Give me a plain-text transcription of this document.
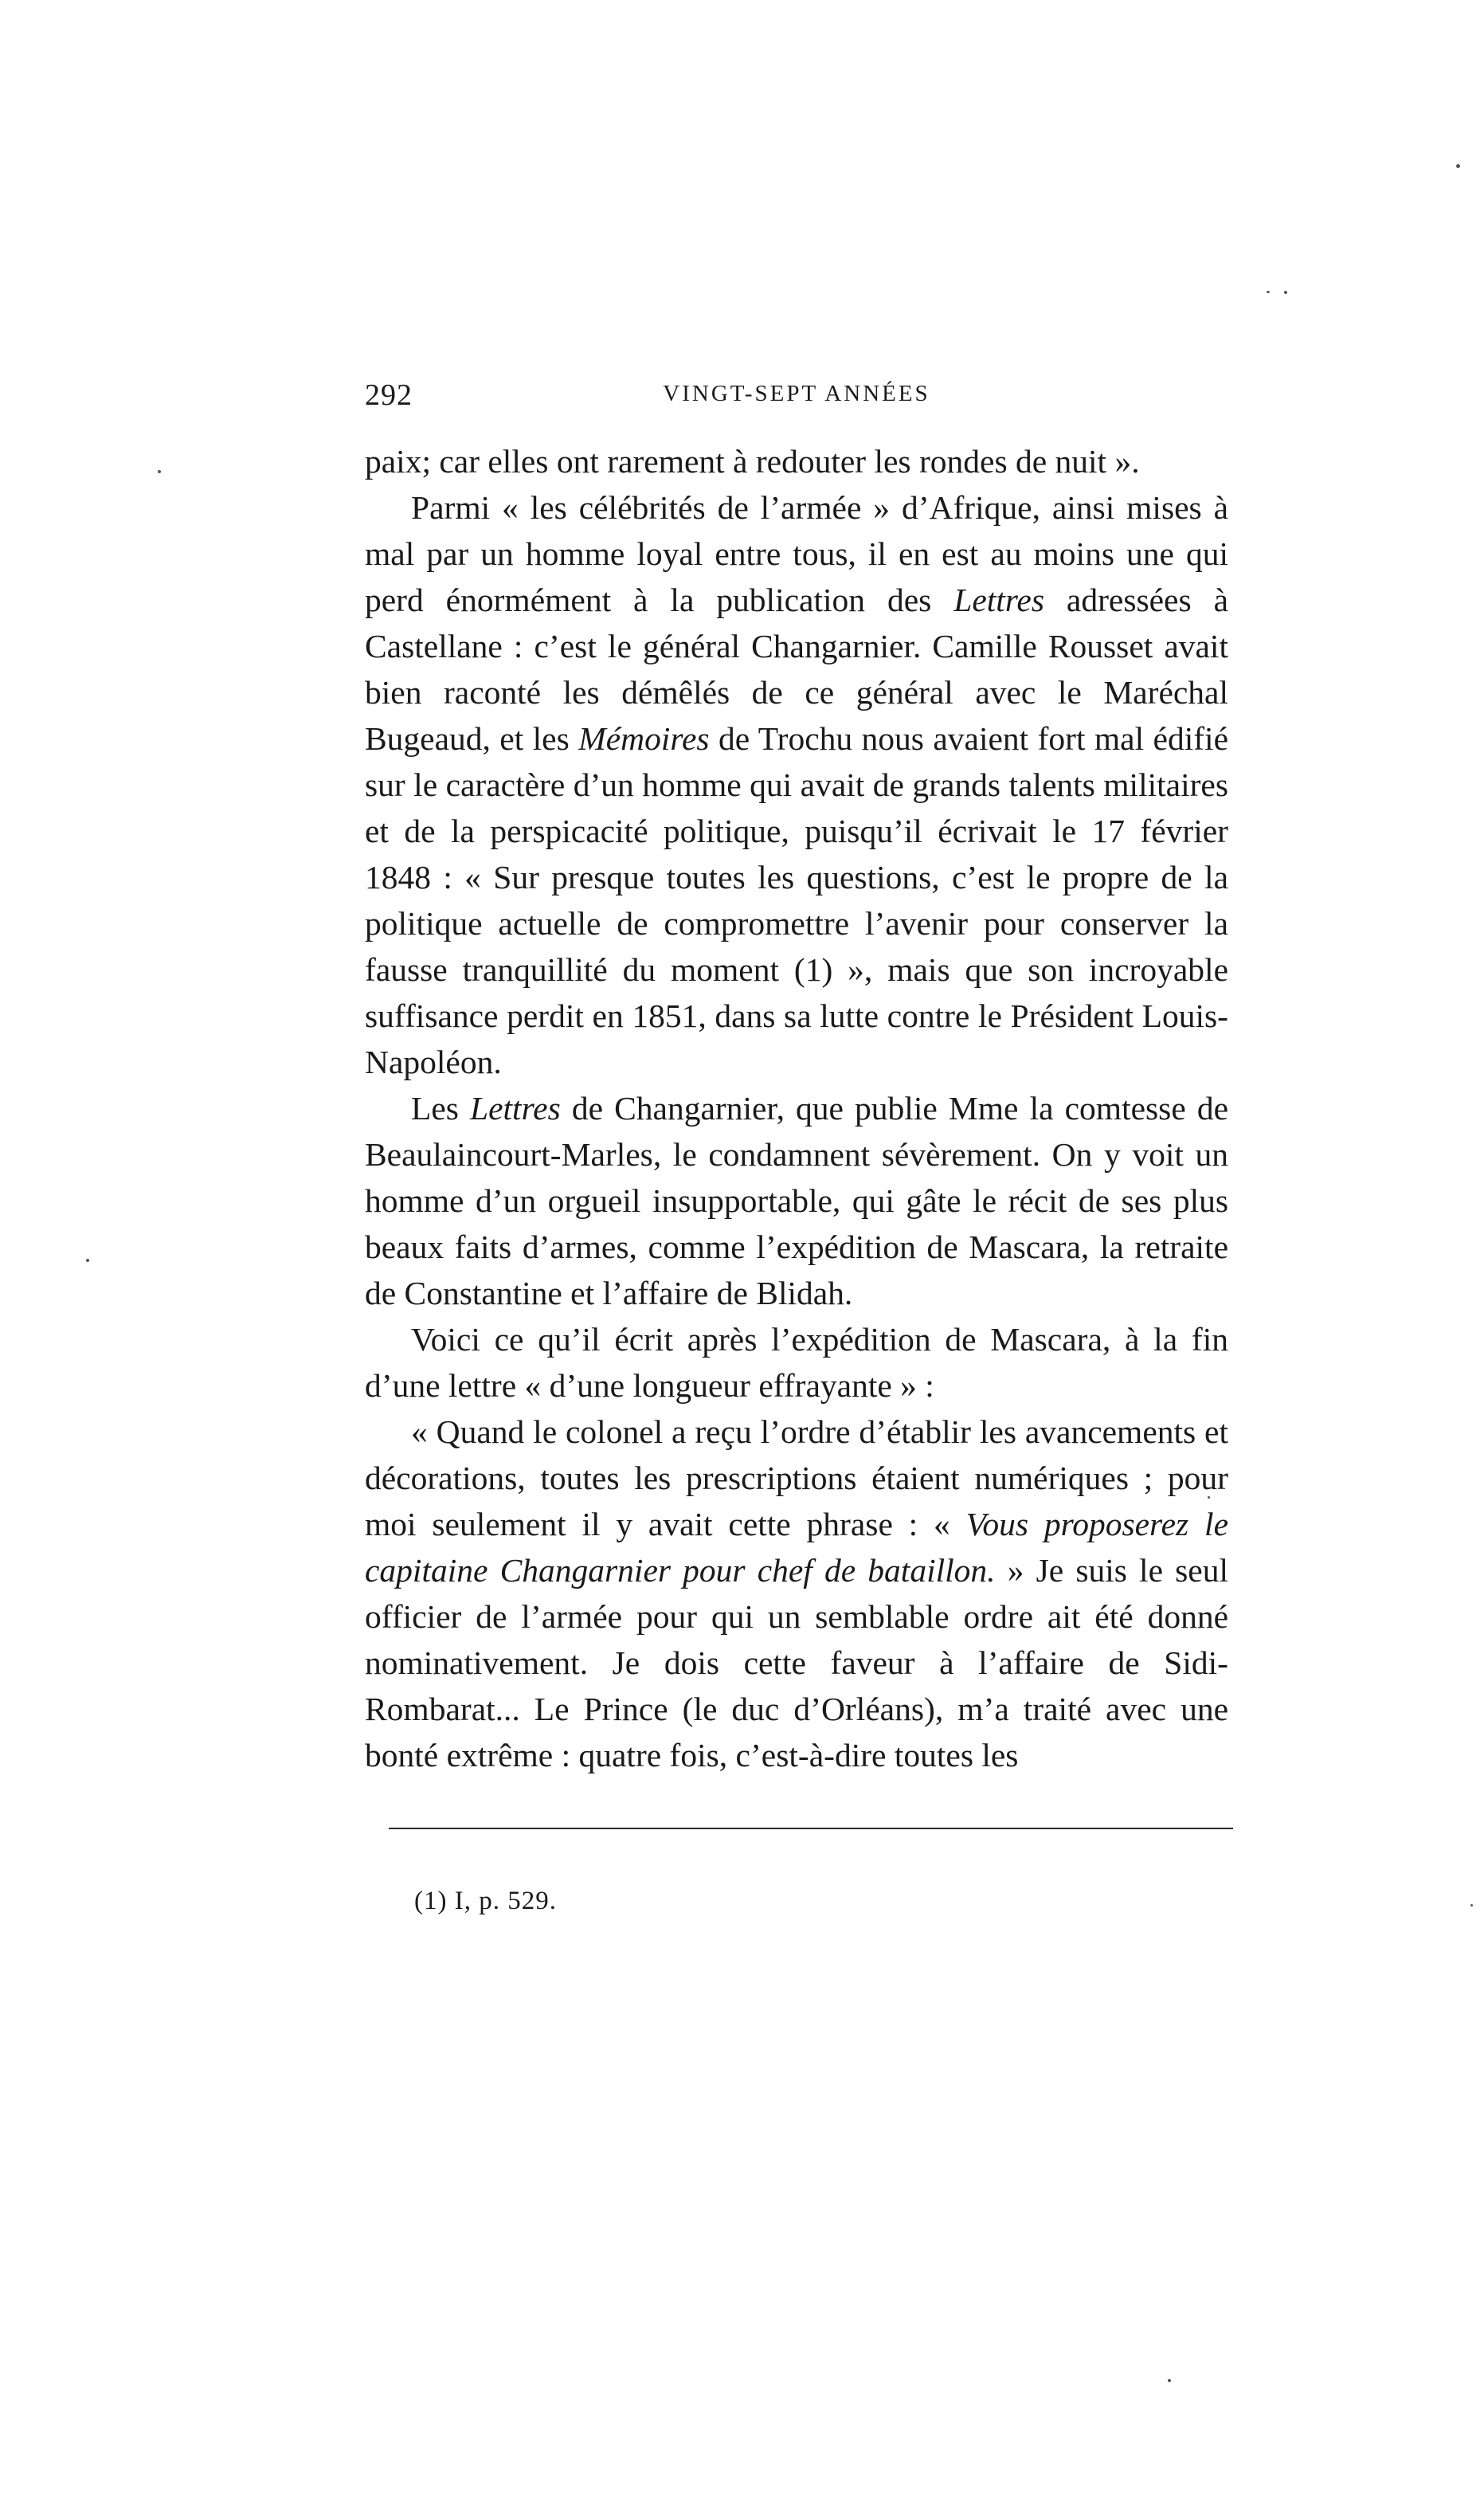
292	VINGT-SEPT ANNÉES

paix; car elles ont rarement à redouter les rondes de nuit ».

Parmi « les célébrités de l’armée » d’Afrique, ainsi mises à mal par un homme loyal entre tous, il en est au moins une qui perd énormément à la publication des Lettres adressées à Castellane : c’est le général Changarnier. Camille Rousset avait bien raconté les démêlés de ce général avec le Maréchal Bugeaud, et les Mémoires de Trochu nous avaient fort mal édifié sur le caractère d’un homme qui avait de grands talents militaires et de la perspicacité politique, puisqu’il écrivait le 17 février 1848 : « Sur presque toutes les questions, c’est le propre de la politique actuelle de compromettre l’avenir pour conserver la fausse tranquillité du moment (1) », mais que son incroyable suffisance perdit en 1851, dans sa lutte contre le Président Louis-Napoléon.

Les Lettres de Changarnier, que publie Mme la comtesse de Beaulaincourt-Marles, le condamnent sévèrement. On y voit un homme d’un orgueil insupportable, qui gâte le récit de ses plus beaux faits d’armes, comme l’expédition de Mascara, la retraite de Constantine et l’affaire de Blidah.

Voici ce qu’il écrit après l’expédition de Mascara, à la fin d’une lettre « d’une longueur effrayante » :

« Quand le colonel a reçu l’ordre d’établir les avancements et décorations, toutes les prescriptions étaient numériques ; pour moi seulement il y avait cette phrase : « Vous proposerez le capitaine Changarnier pour chef de bataillon. » Je suis le seul officier de l’armée pour qui un semblable ordre ait été donné nominativement. Je dois cette faveur à l’affaire de Sidi-Rombarat... Le Prince (le duc d’Orléans), m’a traité avec une bonté extrême : quatre fois, c’est-à-dire toutes les

(1) I, p. 529.
